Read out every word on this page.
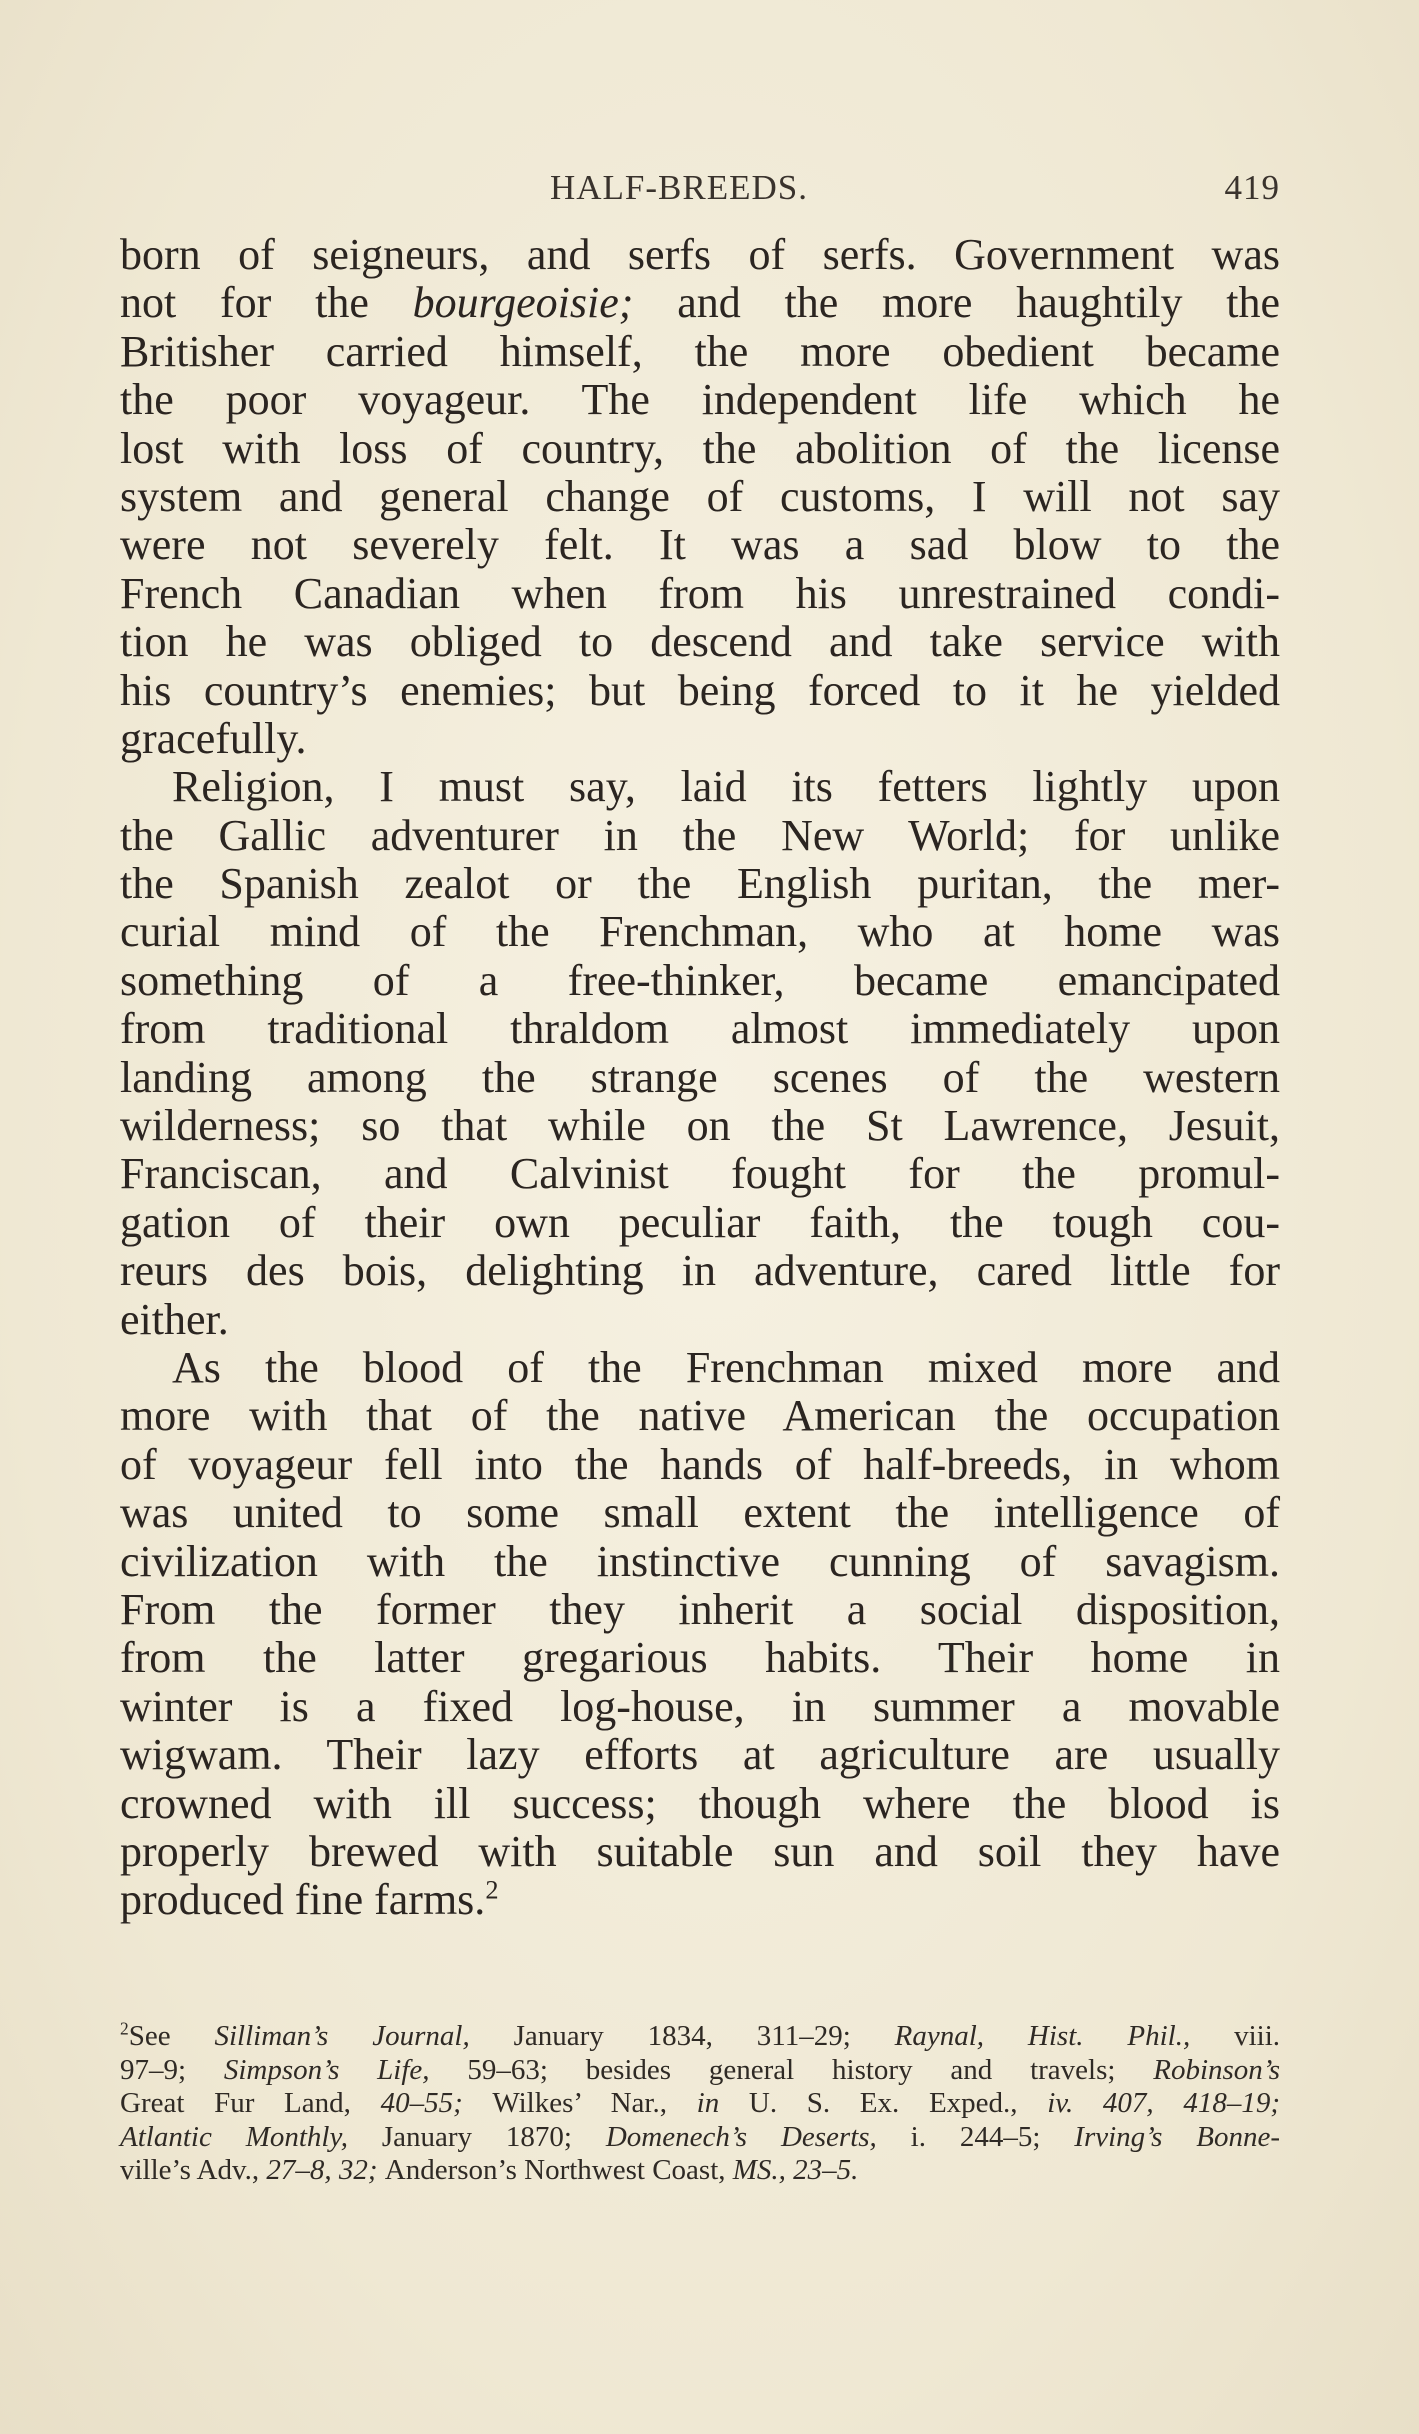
HALF-BREEDS.	419
born of seigneurs, and serfs of serfs. Government was
not for the bourgeoisie; and the more haughtily the
Britisher carried himself, the more obedient became
the poor voyageur. The independent life which he
lost with loss of country, the abolition of the license
system and general change of customs, I will not say
were not severely felt. It was a sad blow to the
French Canadian when from his unrestrained condi-
tion he was obliged to descend and take service with
his country’s enemies; but being forced to it he yielded
gracefully.
Religion, I must say, laid its fetters lightly upon
the Gallic adventurer in the New World; for unlike
the Spanish zealot or the English puritan, the mer-
curial mind of the Frenchman, who at home was
something of a free-thinker, became emancipated
from traditional thraldom almost immediately upon
landing among the strange scenes of the western
wilderness; so that while on the St Lawrence, Jesuit,
Franciscan, and Calvinist fought for the promul-
gation of their own peculiar faith, the tough cou-
reurs des bois, delighting in adventure, cared little for
either.
As the blood of the Frenchman mixed more and
more with that of the native American the occupation
of voyageur fell into the hands of half-breeds, in whom
was united to some small extent the intelligence of
civilization with the instinctive cunning of savagism.
From the former they inherit a social disposition,
from the latter gregarious habits. Their home in
winter is a fixed log-house, in summer a movable
wigwam. Their lazy efforts at agriculture are usually
crowned with ill success; though where the blood is
properly brewed with suitable sun and soil they have
produced fine farms.$^2$
$^2$See Silliman’s Journal, January 1834, 311–29; Raynal, Hist. Phil., viii.
97–9; Simpson’s Life, 59–63; besides general history and travels; Robinson’s
Great Fur Land, 40–55; Wilkes’ Nar., in U. S. Ex. Exped., iv. 407, 418–19;
Atlantic Monthly, January 1870; Domenech’s Deserts, i. 244–5; Irving’s Bonne-
ville’s Adv., 27–8, 32; Anderson’s Northwest Coast, MS., 23–5.
